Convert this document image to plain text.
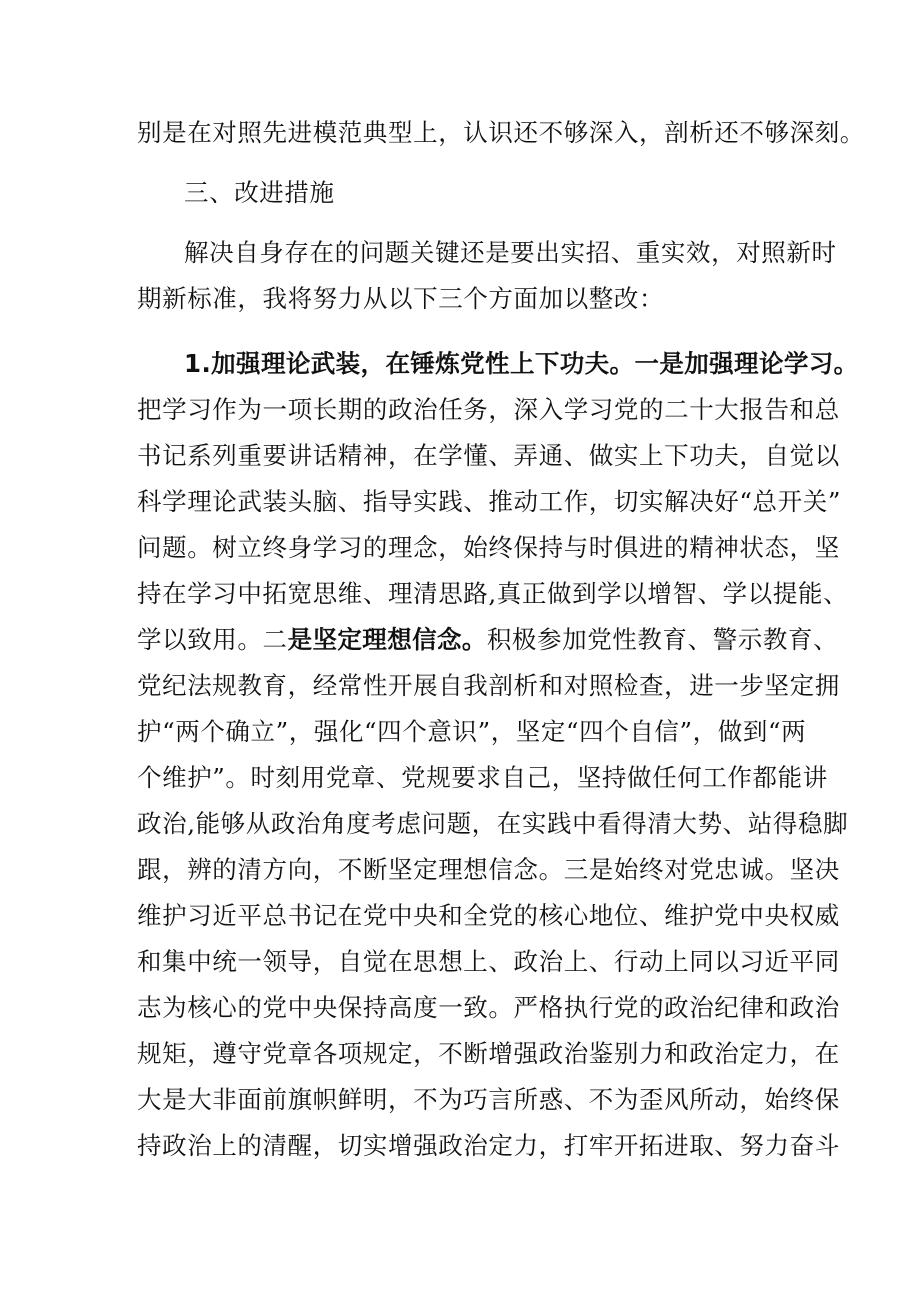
别是在对照先进模范典型上，认识还不够深入，剖析还不够深刻。
三、改进措施
解决自身存在的问题关键还是要出实招、重实效，对照新时
期新标准，我将努力从以下三个方面加以整改：
1.加强理论武装，在锤炼党性上下功夫。一是加强理论学习。
把学习作为一项长期的政治任务，深入学习党的二十大报告和总
书记系列重要讲话精神，在学懂、弄通、做实上下功夫，自觉以
科学理论武装头脑、指导实践、推动工作，切实解决好“总开关”
问题。树立终身学习的理念，始终保持与时俱进的精神状态，坚
持在学习中拓宽思维、理清思路,真正做到学以增智、学以提能、
学以致用。二是坚定理想信念。积极参加党性教育、警示教育、
党纪法规教育，经常性开展自我剖析和对照检查，进一步坚定拥
护“两个确立”，强化“四个意识”，坚定“四个自信”，做到“两
个维护”。时刻用党章、党规要求自己，坚持做任何工作都能讲
政治,能够从政治角度考虑问题，在实践中看得清大势、站得稳脚
跟，辨的清方向，不断坚定理想信念。三是始终对党忠诚。坚决
维护习近平总书记在党中央和全党的核心地位、维护党中央权威
和集中统一领导，自觉在思想上、政治上、行动上同以习近平同
志为核心的党中央保持高度一致。严格执行党的政治纪律和政治
规矩，遵守党章各项规定，不断增强政治鉴别力和政治定力，在
大是大非面前旗帜鲜明，不为巧言所惑、不为歪风所动，始终保
持政治上的清醒，切实增强政治定力，打牢开拓进取、努力奋斗
